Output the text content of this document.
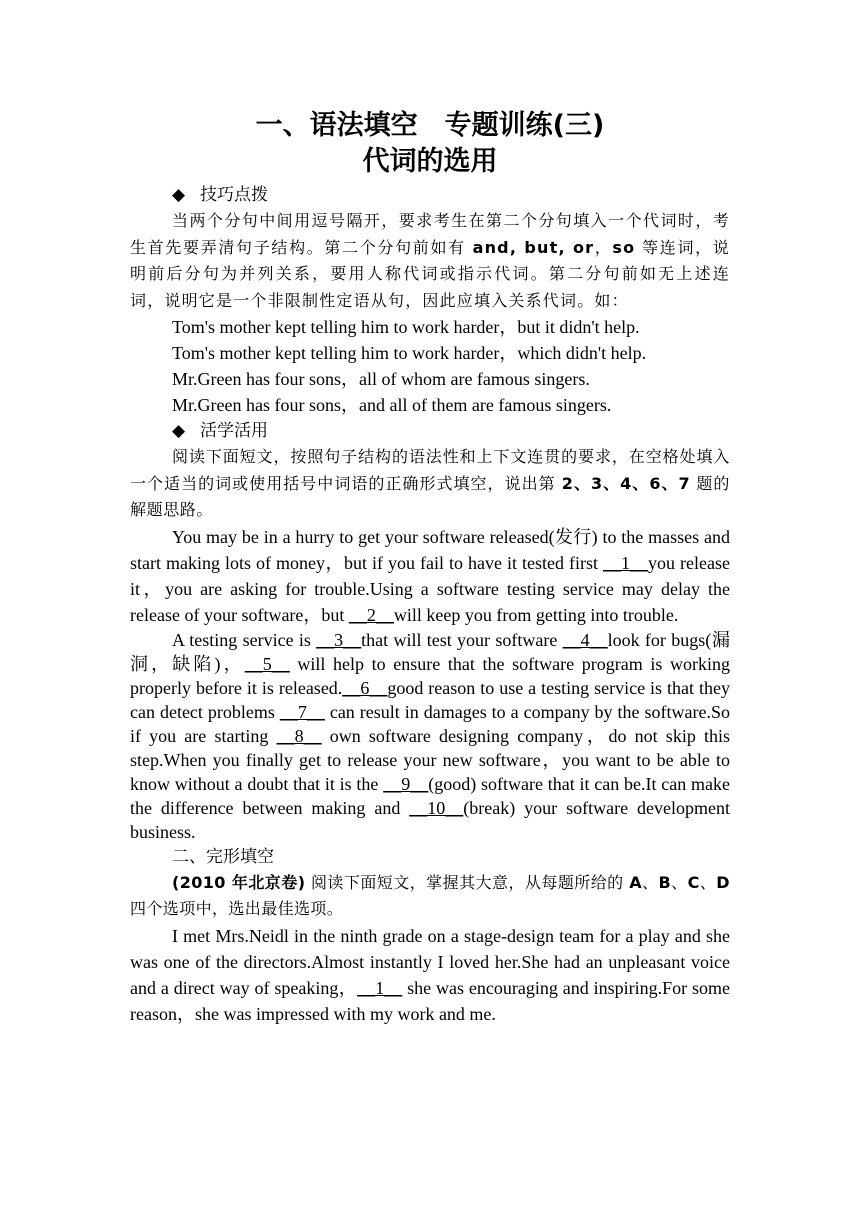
一、语法填空　专题训练(三)
代词的选用
◆ 技巧点拨

当两个分句中间用逗号隔开，要求考生在第二个分句填入一个代词时，考生首先要弄清句子结构。第二个分句前如有 and, but, or，so 等连词，说明前后分句为并列关系，要用人称代词或指示代词。第二分句前如无上述连词，说明它是一个非限制性定语从句，因此应填入关系代词。如：

Tom's mother kept telling him to work harder，but it didn't help.

Tom's mother kept telling him to work harder，which didn't help.

Mr.Green has four sons，all of whom are famous singers.

Mr.Green has four sons，and all of them are famous singers.

◆ 活学活用

阅读下面短文，按照句子结构的语法性和上下文连贯的要求，在空格处填入一个适当的词或使用括号中词语的正确形式填空，说出第 2、3、4、6、7 题的解题思路。

You may be in a hurry to get your software released(发行) to the masses and start making lots of money，but if you fail to have it tested first __1__you release it，you are asking for trouble.Using a software testing service may delay the release of your software，but __2__will keep you from getting into trouble.

A testing service is __3__that will test your software __4__look for bugs(漏洞，缺陷)，__5__ will help to ensure that the software program is working properly before it is released.__6__good reason to use a testing service is that they can detect problems __7__ can result in damages to a company by the software.So if you are starting __8__ own software designing company，do not skip this step.When you finally get to release your new software，you want to be able to know without a doubt that it is the __9__(good) software that it can be.It can make the difference between making and __10__(break) your software development business.

二、完形填空

(2010 年北京卷) 阅读下面短文，掌握其大意，从每题所给的 A、B、C、D 四个选项中，选出最佳选项。

I met Mrs.Neidl in the ninth grade on a stage-design team for a play and she was one of the directors.Almost instantly I loved her.She had an unpleasant voice and a direct way of speaking，__1__ she was encouraging and inspiring.For some reason，she was impressed with my work and me.
